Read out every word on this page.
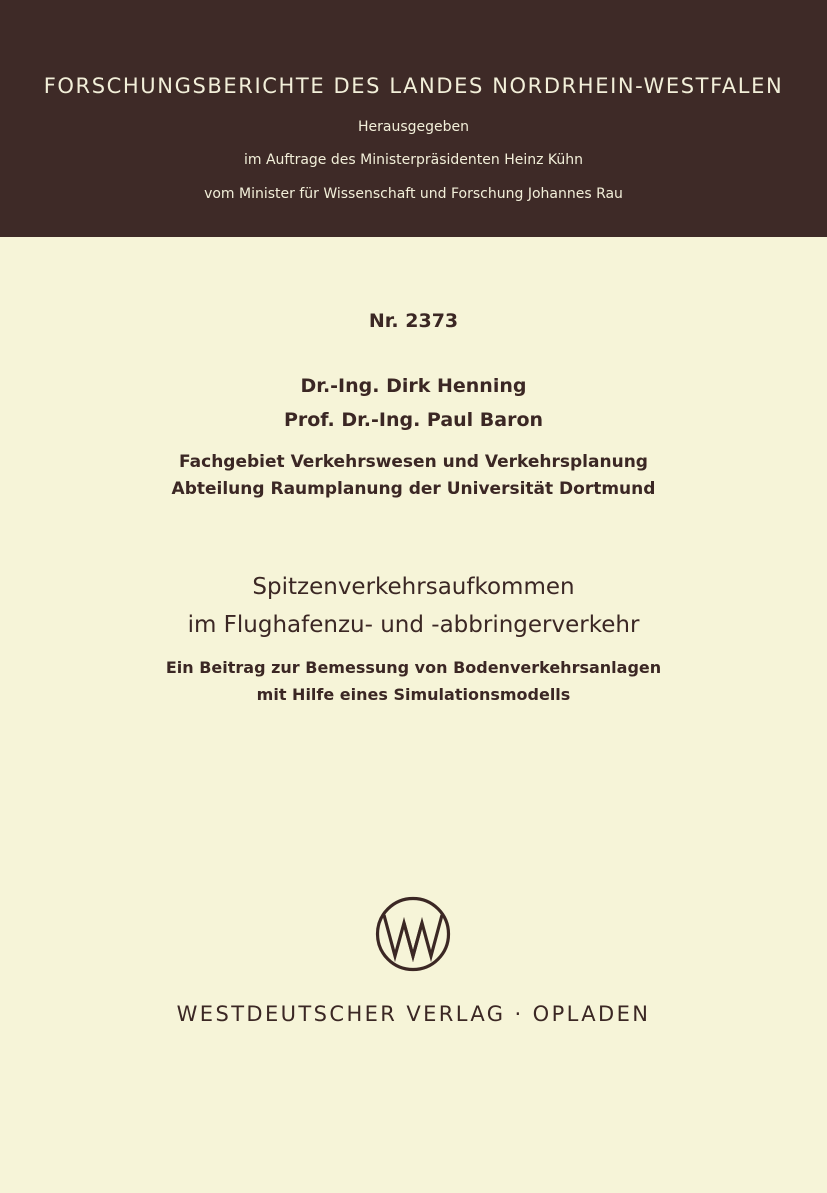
FORSCHUNGSBERICHTE DES LANDES NORDRHEIN-WESTFALEN
Herausgegeben
im Auftrage des Ministerpräsidenten Heinz Kühn
vom Minister für Wissenschaft und Forschung Johannes Rau
Nr. 2373
Dr.-Ing. Dirk Henning
Prof. Dr.-Ing. Paul Baron
Fachgebiet Verkehrswesen und Verkehrsplanung
Abteilung Raumplanung der Universität Dortmund
Spitzenverkehrsaufkommen
im Flughafenzu- und -abbringerverkehr
Ein Beitrag zur Bemessung von Bodenverkehrsanlagen
mit Hilfe eines Simulationsmodells
WESTDEUTSCHER VERLAG · OPLADEN
